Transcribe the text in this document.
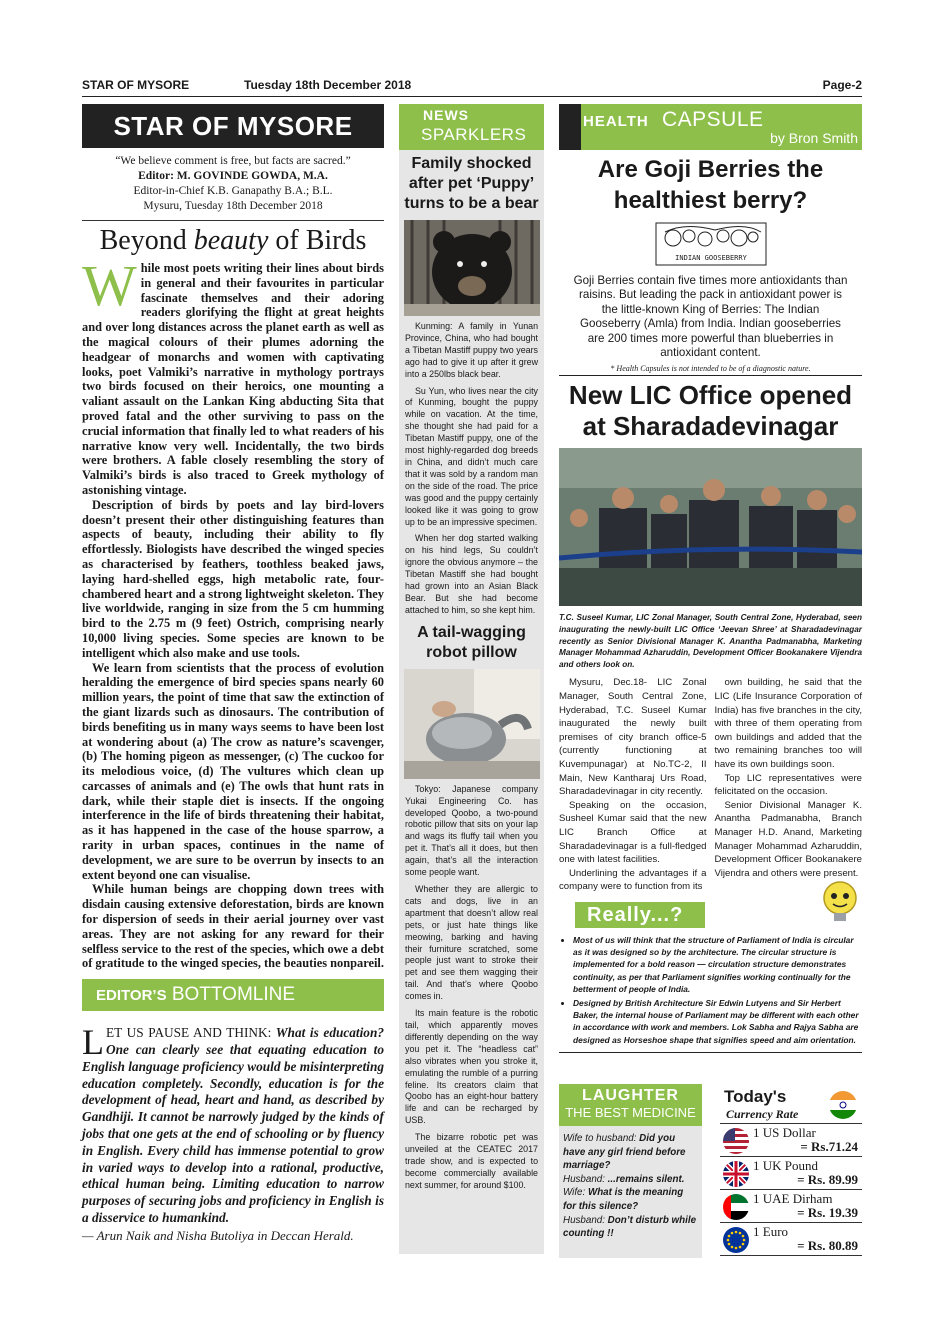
STAR OF MYSORE	Tuesday 18th December 2018	Page-2
STAR OF MYSORE
“We believe comment is free, but facts are sacred.”
Editor: M. GOVINDE GOWDA, M.A.
Editor-in-Chief K.B. Ganapathy B.A.; B.L.
Mysuru, Tuesday 18th December 2018
Beyond beauty of Birds

While most poets writing their lines about birds in general and their favourites in particular fascinate themselves and their adoring readers glorifying the flight at great heights and over long distances across the planet earth as well as the magical colours of their plumes adorning the headgear of monarchs and women with captivating looks, poet Valmiki’s narrative in mythology portrays two birds focused on their heroics, one mounting a valiant assault on the Lankan King abducting Sita that proved fatal and the other surviving to pass on the crucial information that finally led to what readers of his narrative know very well. Incidentally, the two birds were brothers. A fable closely resembling the story of Valmiki’s birds is also traced to Greek mythology of astonishing vintage.

Description of birds by poets and lay bird-lovers doesn’t present their other distinguishing features than aspects of beauty, including their ability to fly effortlessly. Biologists have described the winged species as characterised by feathers, toothless beaked jaws, laying hard-shelled eggs, high metabolic rate, four-chambered heart and a strong lightweight skeleton. They live worldwide, ranging in size from the 5 cm humming bird to the 2.75 m (9 feet) Ostrich, comprising nearly 10,000 living species. Some species are known to be intelligent which also make and use tools.

We learn from scientists that the process of evolution heralding the emergence of bird species spans nearly 60 million years, the point of time that saw the extinction of the giant lizards such as dinosaurs. The contribution of birds benefiting us in many ways seems to have been lost at wondering about (a) The crow as nature’s scavenger, (b) The homing pigeon as messenger, (c) The cuckoo for its melodious voice, (d) The vultures which clean up carcasses of animals and (e) The owls that hunt rats in dark, while their staple diet is insects. If the ongoing interference in the life of birds threatening their habitat, as it has happened in the case of the house sparrow, a rarity in urban spaces, continues in the name of development, we are sure to be overrun by insects to an extent beyond one can visualise.

While human beings are chopping down trees with disdain causing extensive deforestation, birds are known for dispersion of seeds in their aerial journey over vast areas. They are not asking for any reward for their selfless service to the rest of the species, which owe a debt of gratitude to the winged species, the beauties nonpareil.

EDITOR’S BOTTOMLINE
LET US PAUSE AND THINK: What is education? One can clearly see that equating education to English language proficiency would be misinterpreting education completely. Secondly, education is for the development of head, heart and hand, as described by Gandhiji. It cannot be narrowly judged by the kinds of jobs that one gets at the end of schooling or by fluency in English. Every child has immense potential to grow in varied ways to develop into a rational, productive, ethical human being. Limiting education to narrow purposes of securing jobs and proficiency in English is a disservice to humankind.
— Arun Naik and Nisha Butoliya in Deccan Herald.
NEWS
SPARKLERS
Family shocked after pet ‘Puppy’ turns to be a bear

Kunming: A family in Yunan Province, China, who had bought a Tibetan Mastiff puppy two years ago had to give it up after it grew into a 250lbs black bear.

Su Yun, who lives near the city of Kunming, bought the puppy while on vacation. At the time, she thought she had paid for a Tibetan Mastiff puppy, one of the most highly-regarded dog breeds in China, and didn’t much care that it was sold by a random man on the side of the road. The price was good and the puppy certainly looked like it was going to grow up to be an impressive specimen.

When her dog started walking on his hind legs, Su couldn’t ignore the obvious anymore – the Tibetan Mastiff she had bought had grown into an Asian Black Bear. But she had become attached to him, so she kept him.

A tail-wagging robot pillow

Tokyo: Japanese company Yukai Engineering Co. has developed Qoobo, a two-pound robotic pillow that sits on your lap and wags its fluffy tail when you pet it. That’s all it does, but then again, that’s all the interaction some people want.

Whether they are allergic to cats and dogs, live in an apartment that doesn’t allow real pets, or just hate things like meowing, barking and having their furniture scratched, some people just want to stroke their pet and see them wagging their tail. And that’s where Qoobo comes in.

Its main feature is the robotic tail, which apparently moves differently depending on the way you pet it. The “headless cat” also vibrates when you stroke it, emulating the rumble of a purring feline. Its creators claim that Qoobo has an eight-hour battery life and can be recharged by USB.

The bizarre robotic pet was unveiled at the CEATEC 2017 trade show, and is expected to become commercially available next summer, for around $100.

HEALTH CAPSULE
by Bron Smith
Are Goji Berries the healthiest berry?
INDIAN GOOSEBERRY
Goji Berries contain five times more antioxidants than raisins. But leading the pack in antioxidant power is the little-known King of Berries: The Indian Gooseberry (Amla) from India. Indian gooseberries are 200 times more powerful than blueberries in antioxidant content.
* Health Capsules is not intended to be of a diagnostic nature.
New LIC Office opened at Sharadadevinagar
T.C. Suseel Kumar, LIC Zonal Manager, South Central Zone, Hyderabad, seen inaugurating the newly-built LIC Office ‘Jeevan Shree’ at Sharadadevinagar recently as Senior Divisional Manager K. Anantha Padmanabha, Marketing Manager Mohammad Azharuddin, Development Officer Bookanakere Vijendra and others look on.

Mysuru, Dec.18- LIC Zonal Manager, South Central Zone, Hyderabad, T.C. Suseel Kumar inaugurated the newly built premises of city branch office-5 (currently functioning at Kuvempunagar) at No.TC-2, II Main, New Kantharaj Urs Road, Sharadadevinagar in city recently.

Speaking on the occasion, Susheel Kumar said that the new LIC Branch Office at Sharadadevinagar is a full-fledged one with latest facilities.

Underlining the advantages if a company were to function from its

own building, he said that the LIC (Life Insurance Corporation of India) has five branches in the city, with three of them operating from own buildings and added that the two remaining branches too will have its own buildings soon.

Top LIC representatives were felicitated on the occasion.

Senior Divisional Manager K. Anantha Padmanabha, Branch Manager H.D. Anand, Marketing Manager Mohammad Azharuddin, Development Officer Bookanakere Vijendra and others were present.

Really...?
• Most of us will think that the structure of Parliament of India is circular as it was designed so by the architecture. The circular structure is implemented for a bold reason — circulation structure demonstrates continuity, as per that Parliament signifies working continually for the betterment of people of India.
• Designed by British Architecture Sir Edwin Lutyens and Sir Herbert Baker, the internal house of Parliament may be different with each other in accordance with work and members. Lok Sabha and Rajya Sabha are designed as Horseshoe shape that signifies speed and aim orientation.
LAUGHTER
THE BEST MEDICINE
Wife to husband: Did you have any girl friend before marriage?
Husband: ...remains silent.
Wife: What is the meaning for this silence?
Husband: Don’t disturb while counting !!
Today's
Currency Rate
1 US Dollar
= Rs.71.24
1 UK Pound
= Rs. 89.99
1 UAE Dirham
= Rs. 19.39
1 Euro
= Rs. 80.89
